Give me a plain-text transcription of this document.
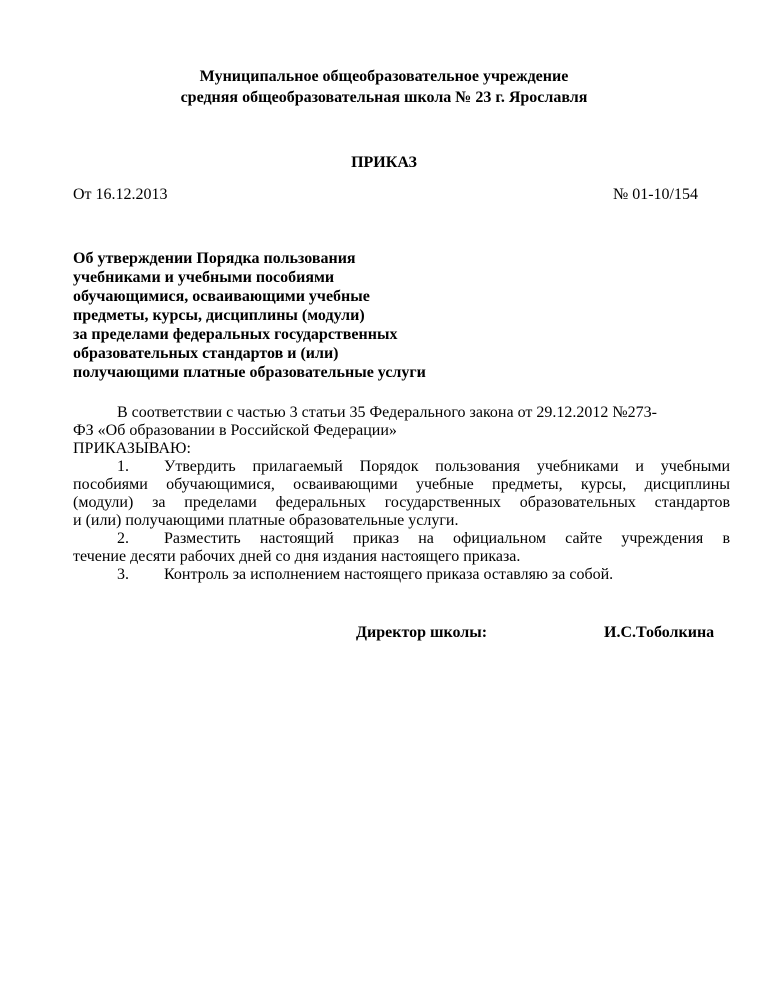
Муниципальное общеобразовательное учреждение
средняя общеобразовательная школа № 23 г. Ярославля
ПРИКАЗ
От 16.12.2013	№ 01-10/154
Об утверждении Порядка пользования
учебниками и учебными пособиями
обучающимися, осваивающими учебные
предметы, курсы, дисциплины (модули)
за пределами федеральных государственных
образовательных стандартов и (или)
получающими платные образовательные услуги
В соответствии с частью 3 статьи 35 Федерального закона от 29.12.2012 №273-
ФЗ «Об образовании в Российской Федерации»
ПРИКАЗЫВАЮ:
1. Утвердить прилагаемый Порядок пользования учебниками и учебными
пособиями обучающимися, осваивающими учебные предметы, курсы, дисциплины
(модули) за пределами федеральных государственных образовательных стандартов
и (или) получающими платные образовательные услуги.
2. Разместить настоящий приказ на официальном сайте учреждения в
течение десяти рабочих дней со дня издания настоящего приказа.
3. Контроль за исполнением настоящего приказа оставляю за собой.
Директор школы:	И.С.Тоболкина
